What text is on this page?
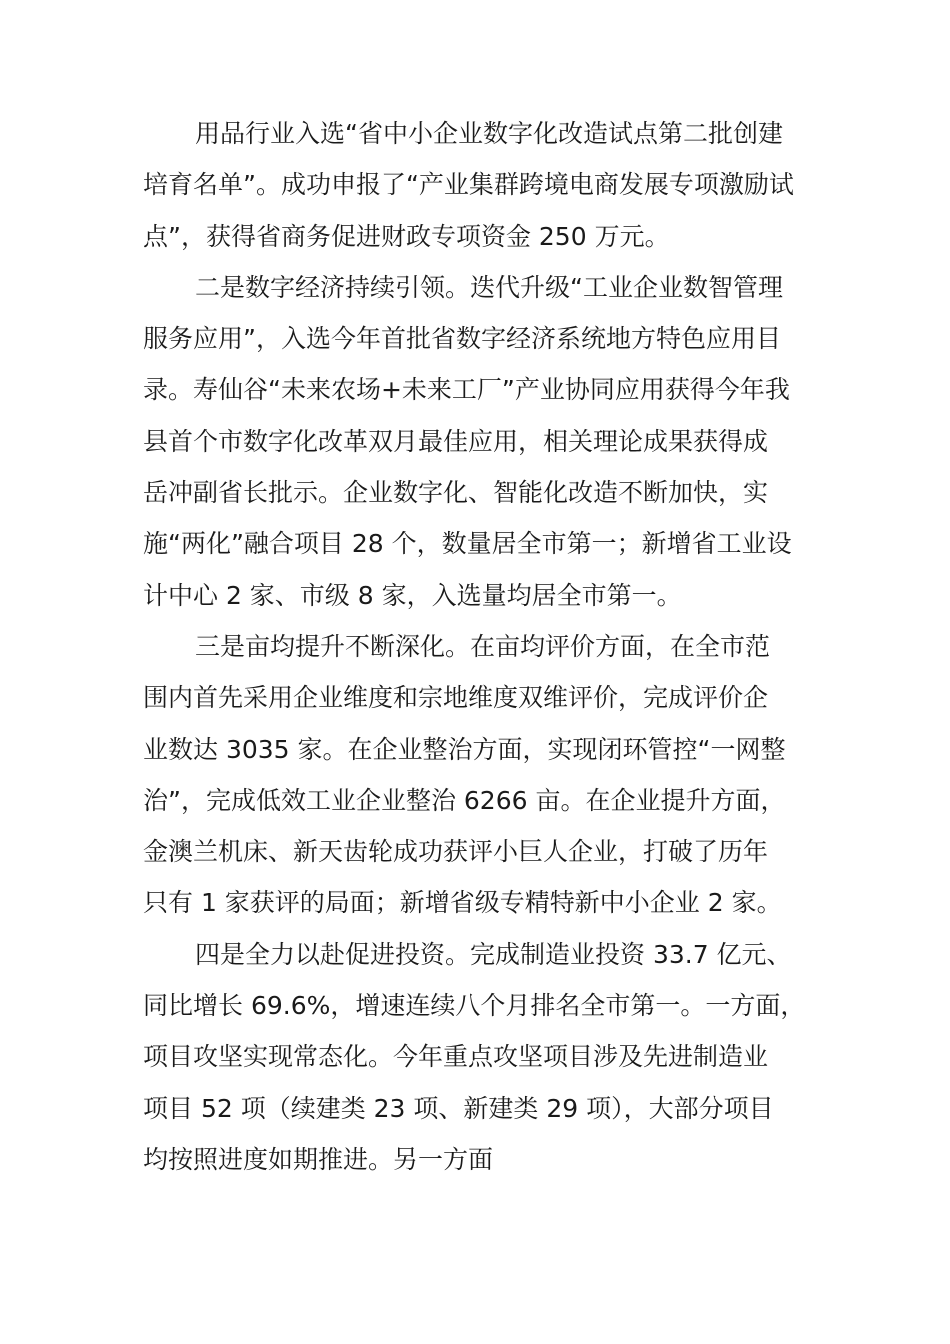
用品行业入选“省中小企业数字化改造试点第二批创建
培育名单”。成功申报了“产业集群跨境电商发展专项激励试
点”，获得省商务促进财政专项资金 250 万元。
二是数字经济持续引领。迭代升级“工业企业数智管理
服务应用”，入选今年首批省数字经济系统地方特色应用目
录。寿仙谷“未来农场+未来工厂”产业协同应用获得今年我
县首个市数字化改革双月最佳应用，相关理论成果获得成
岳冲副省长批示。企业数字化、智能化改造不断加快，实
施“两化”融合项目 28 个，数量居全市第一；新增省工业设
计中心 2 家、市级 8 家，入选量均居全市第一。
三是亩均提升不断深化。在亩均评价方面，在全市范
围内首先采用企业维度和宗地维度双维评价，完成评价企
业数达 3035 家。在企业整治方面，实现闭环管控“一网整
治”，完成低效工业企业整治 6266 亩。在企业提升方面，
金澳兰机床、新天齿轮成功获评小巨人企业，打破了历年
只有 1 家获评的局面；新增省级专精特新中小企业 2 家。
四是全力以赴促进投资。完成制造业投资 33.7 亿元、
同比增长 69.6%，增速连续八个月排名全市第一。一方面，
项目攻坚实现常态化。今年重点攻坚项目涉及先进制造业
项目 52 项（续建类 23 项、新建类 29 项），大部分项目
均按照进度如期推进。另一方面
